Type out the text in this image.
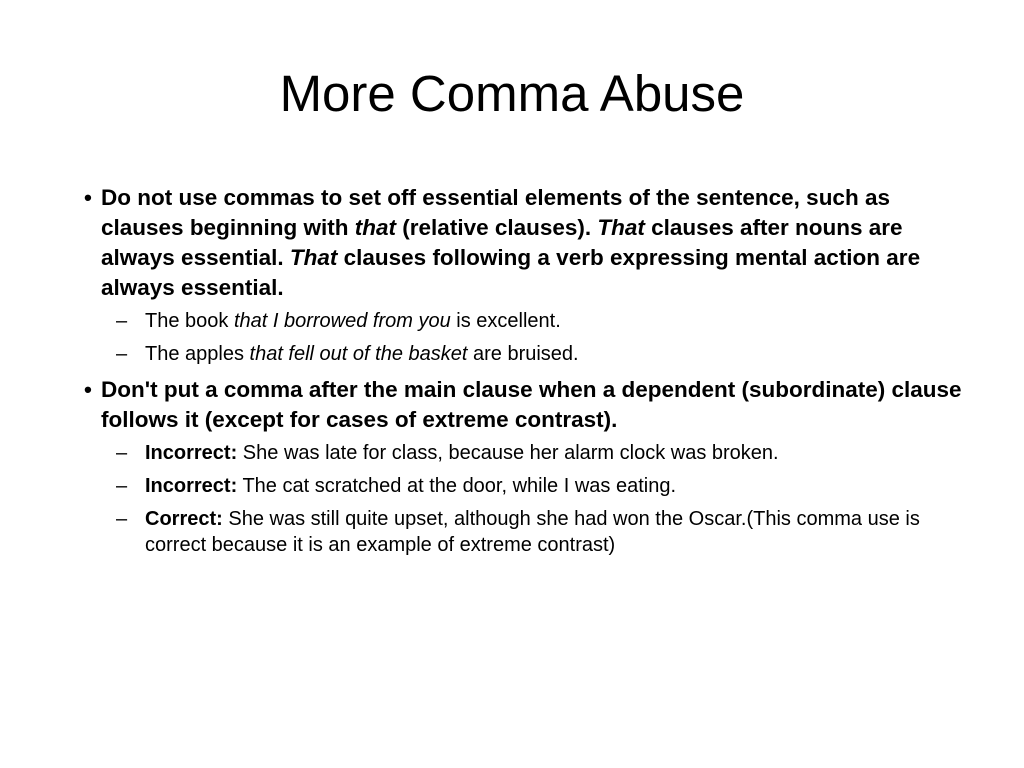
More Comma Abuse
• Do not use commas to set off essential elements of the sentence, such as clauses beginning with that (relative clauses). That clauses after nouns are always essential. That clauses following a verb expressing mental action are always essential.
– The book that I borrowed from you is excellent.
– The apples that fell out of the basket are bruised.
• Don't put a comma after the main clause when a dependent (subordinate) clause follows it (except for cases of extreme contrast).
– Incorrect: She was late for class, because her alarm clock was broken.
– Incorrect: The cat scratched at the door, while I was eating.
– Correct: She was still quite upset, although she had won the Oscar.(This comma use is correct because it is an example of extreme contrast)
